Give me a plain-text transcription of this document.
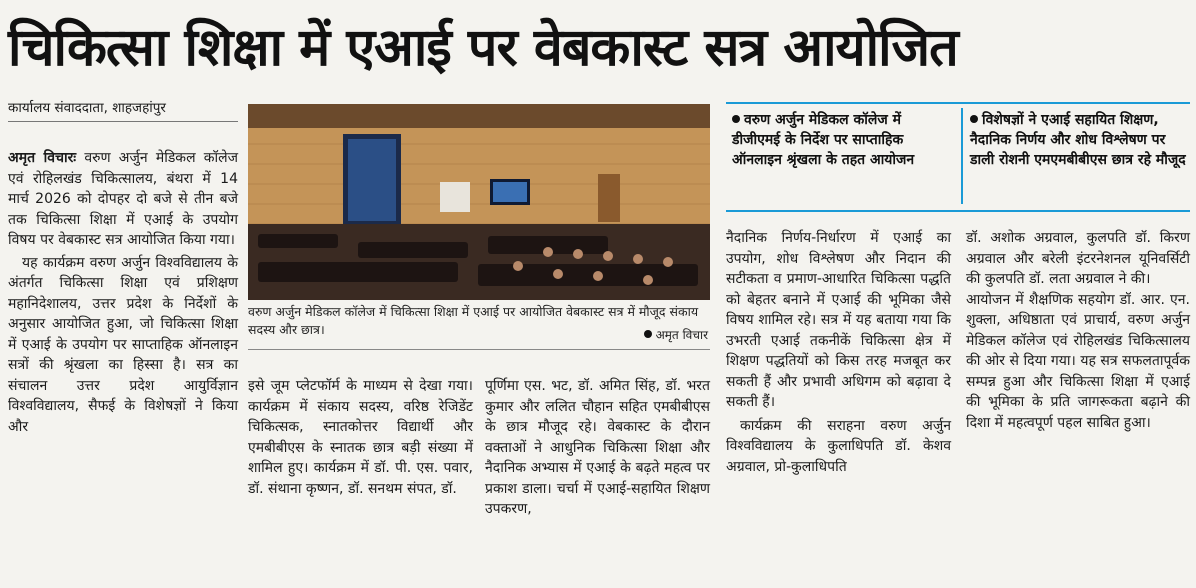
चिकित्सा शिक्षा में एआई पर वेबकास्ट सत्र आयोजित
कार्यालय संवाददाता, शाहजहांपुर

अमृत विचारः वरुण अर्जुन मेडिकल कॉलेज एवं रोहिलखंड चिकित्सालय, बंथरा में 14 मार्च 2026 को दोपहर दो बजे से तीन बजे तक चिकित्सा शिक्षा में एआई के उपयोग विषय पर वेबकास्ट सत्र आयोजित किया गया।

यह कार्यक्रम वरुण अर्जुन विश्वविद्यालय के अंतर्गत चिकित्सा शिक्षा एवं प्रशिक्षण महानिदेशालय, उत्तर प्रदेश के निर्देशों के अनुसार आयोजित हुआ, जो चिकित्सा शिक्षा में एआई के उपयोग पर साप्ताहिक ऑनलाइन सत्रों की श्रृंखला का हिस्सा है। सत्र का संचालन उत्तर प्रदेश आयुर्विज्ञान विश्वविद्यालय, सैफई के विशेषज्ञों ने किया और

वरुण अर्जुन मेडिकल कॉलेज में चिकित्सा शिक्षा में एआई पर आयोजित वेबकास्ट सत्र में मौजूद संकाय सदस्य और छात्र।	अमृत विचार

इसे जूम प्लेटफॉर्म के माध्यम से देखा गया। कार्यक्रम में संकाय सदस्य, वरिष्ठ रेजिडेंट चिकित्सक, स्नातकोत्तर विद्यार्थी और एमबीबीएस के स्नातक छात्र बड़ी संख्या में शामिल हुए। कार्यक्रम में डॉ. पी. एस. पवार, डॉ. संथाना कृष्णन, डॉ. सनथम संपत, डॉ.

पूर्णिमा एस. भट, डॉ. अमित सिंह, डॉ. भरत कुमार और ललित चौहान सहित एमबीबीएस के छात्र मौजूद रहे। वेबकास्ट के दौरान वक्ताओं ने आधुनिक चिकित्सा शिक्षा और नैदानिक अभ्यास में एआई के बढ़ते महत्व पर प्रकाश डाला। चर्चा में एआई-सहायित शिक्षण उपकरण,

वरुण अर्जुन मेडिकल कॉलेज में डीजीएमई के निर्देश पर साप्ताहिक ऑनलाइन श्रृंखला के तहत आयोजन
विशेषज्ञों ने एआई सहायित शिक्षण, नैदानिक निर्णय और शोध विश्लेषण पर डाली रोशनी एमएमबीबीएस छात्र रहे मौजूद

नैदानिक निर्णय-निर्धारण में एआई का उपयोग, शोध विश्लेषण और निदान की सटीकता व प्रमाण-आधारित चिकित्सा पद्धति को बेहतर बनाने में एआई की भूमिका जैसे विषय शामिल रहे। सत्र में यह बताया गया कि उभरती एआई तकनीकें चिकित्सा क्षेत्र में शिक्षण पद्धतियों को किस तरह मजबूत कर सकती हैं और प्रभावी अधिगम को बढ़ावा दे सकती हैं।

कार्यक्रम की सराहना वरुण अर्जुन विश्वविद्यालय के कुलाधिपति डॉ. केशव अग्रवाल, प्रो-कुलाधिपति

डॉ. अशोक अग्रवाल, कुलपति डॉ. किरण अग्रवाल और बरेली इंटरनेशनल यूनिवर्सिटी की कुलपति डॉ. लता अग्रवाल ने की।

आयोजन में शैक्षणिक सहयोग डॉ. आर. एन. शुक्ला, अधिष्ठाता एवं प्राचार्य, वरुण अर्जुन मेडिकल कॉलेज एवं रोहिलखंड चिकित्सालय की ओर से दिया गया। यह सत्र सफलतापूर्वक सम्पन्न हुआ और चिकित्सा शिक्षा में एआई की भूमिका के प्रति जागरूकता बढ़ाने की दिशा में महत्वपूर्ण पहल साबित हुआ।
